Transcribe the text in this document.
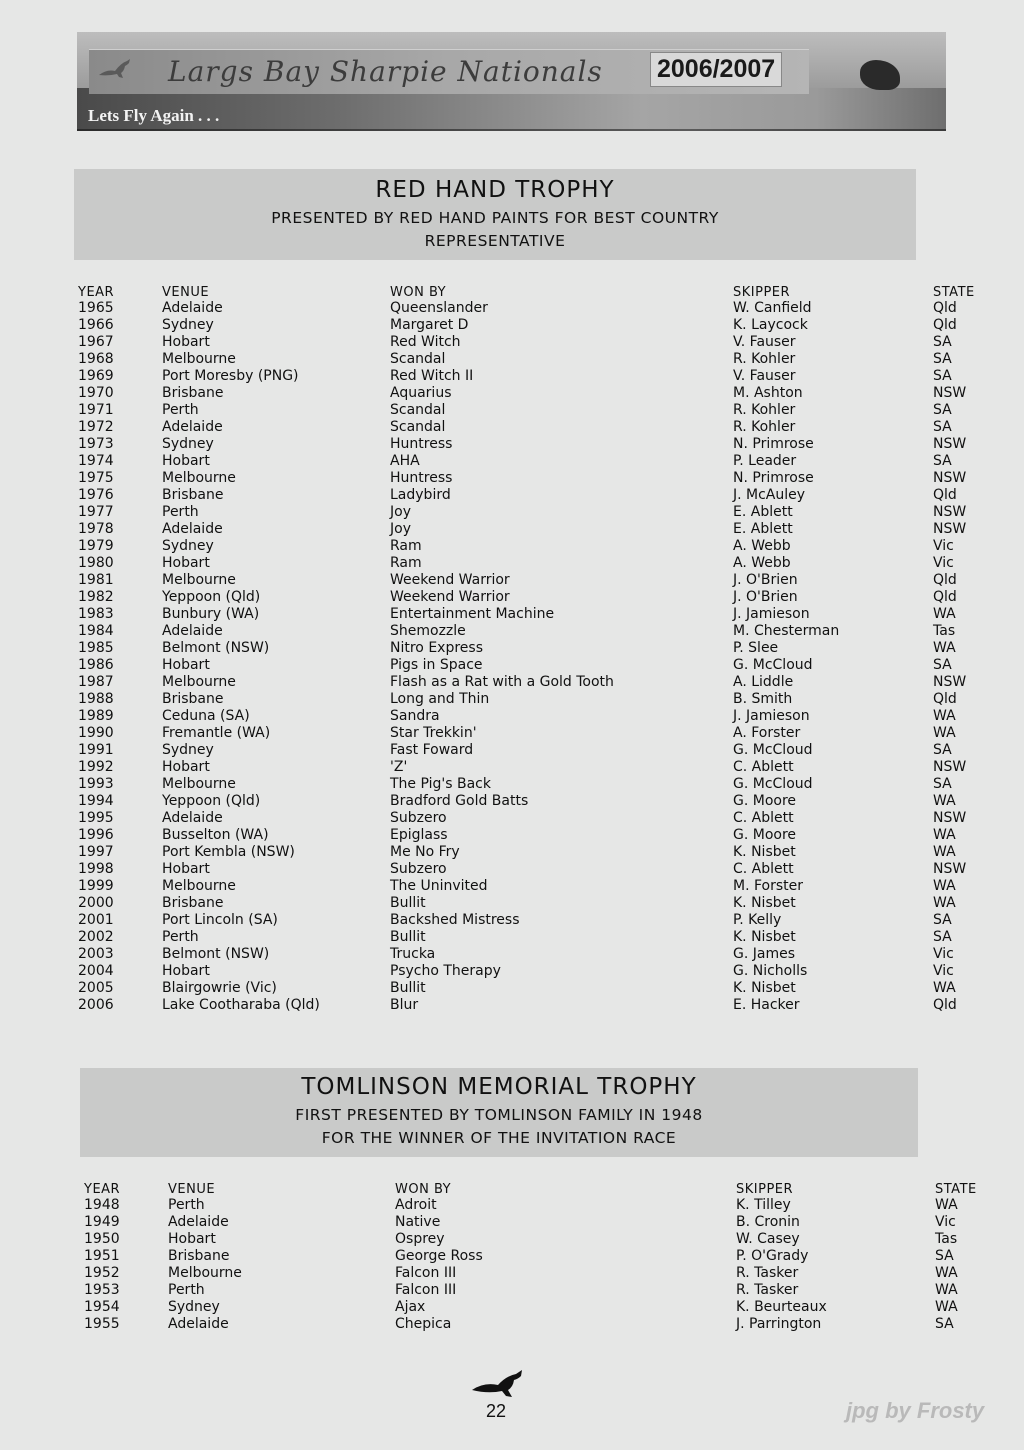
Largs Bay Sharpie Nationals 2006/2007
Lets Fly Again . . .
RED HAND TROPHY
PRESENTED BY RED HAND PAINTS FOR BEST COUNTRY
REPRESENTATIVE
YEAR	VENUE	WON BY	SKIPPER	STATE
1965	Adelaide	Queenslander	W. Canfield	Qld
1966	Sydney	Margaret D	K. Laycock	Qld
1967	Hobart	Red Witch	V. Fauser	SA
1968	Melbourne	Scandal	R. Kohler	SA
1969	Port Moresby (PNG)	Red Witch II	V. Fauser	SA
1970	Brisbane	Aquarius	M. Ashton	NSW
1971	Perth	Scandal	R. Kohler	SA
1972	Adelaide	Scandal	R. Kohler	SA
1973	Sydney	Huntress	N. Primrose	NSW
1974	Hobart	AHA	P. Leader	SA
1975	Melbourne	Huntress	N. Primrose	NSW
1976	Brisbane	Ladybird	J. McAuley	Qld
1977	Perth	Joy	E. Ablett	NSW
1978	Adelaide	Joy	E. Ablett	NSW
1979	Sydney	Ram	A. Webb	Vic
1980	Hobart	Ram	A. Webb	Vic
1981	Melbourne	Weekend Warrior	J. O'Brien	Qld
1982	Yeppoon (Qld)	Weekend Warrior	J. O'Brien	Qld
1983	Bunbury (WA)	Entertainment Machine	J. Jamieson	WA
1984	Adelaide	Shemozzle	M. Chesterman	Tas
1985	Belmont (NSW)	Nitro Express	P. Slee	WA
1986	Hobart	Pigs in Space	G. McCloud	SA
1987	Melbourne	Flash as a Rat with a Gold Tooth	A. Liddle	NSW
1988	Brisbane	Long and Thin	B. Smith	Qld
1989	Ceduna (SA)	Sandra	J. Jamieson	WA
1990	Fremantle (WA)	Star Trekkin'	A. Forster	WA
1991	Sydney	Fast Foward	G. McCloud	SA
1992	Hobart	'Z'	C. Ablett	NSW
1993	Melbourne	The Pig's Back	G. McCloud	SA
1994	Yeppoon (Qld)	Bradford Gold Batts	G. Moore	WA
1995	Adelaide	Subzero	C. Ablett	NSW
1996	Busselton (WA)	Epiglass	G. Moore	WA
1997	Port Kembla (NSW)	Me No Fry	K. Nisbet	WA
1998	Hobart	Subzero	C. Ablett	NSW
1999	Melbourne	The Uninvited	M. Forster	WA
2000	Brisbane	Bullit	K. Nisbet	WA
2001	Port Lincoln (SA)	Backshed Mistress	P. Kelly	SA
2002	Perth	Bullit	K. Nisbet	SA
2003	Belmont (NSW)	Trucka	G. James	Vic
2004	Hobart	Psycho Therapy	G. Nicholls	Vic
2005	Blairgowrie (Vic)	Bullit	K. Nisbet	WA
2006	Lake Cootharaba (Qld)	Blur	E. Hacker	Qld
TOMLINSON MEMORIAL TROPHY
FIRST PRESENTED BY TOMLINSON FAMILY IN 1948
FOR THE WINNER OF THE INVITATION RACE
YEAR	VENUE	WON BY	SKIPPER	STATE
1948	Perth	Adroit	K. Tilley	WA
1949	Adelaide	Native	B. Cronin	Vic
1950	Hobart	Osprey	W. Casey	Tas
1951	Brisbane	George Ross	P. O'Grady	SA
1952	Melbourne	Falcon III	R. Tasker	WA
1953	Perth	Falcon III	R. Tasker	WA
1954	Sydney	Ajax	K. Beurteaux	WA
1955	Adelaide	Chepica	J. Parrington	SA
22	jpg by Frosty
